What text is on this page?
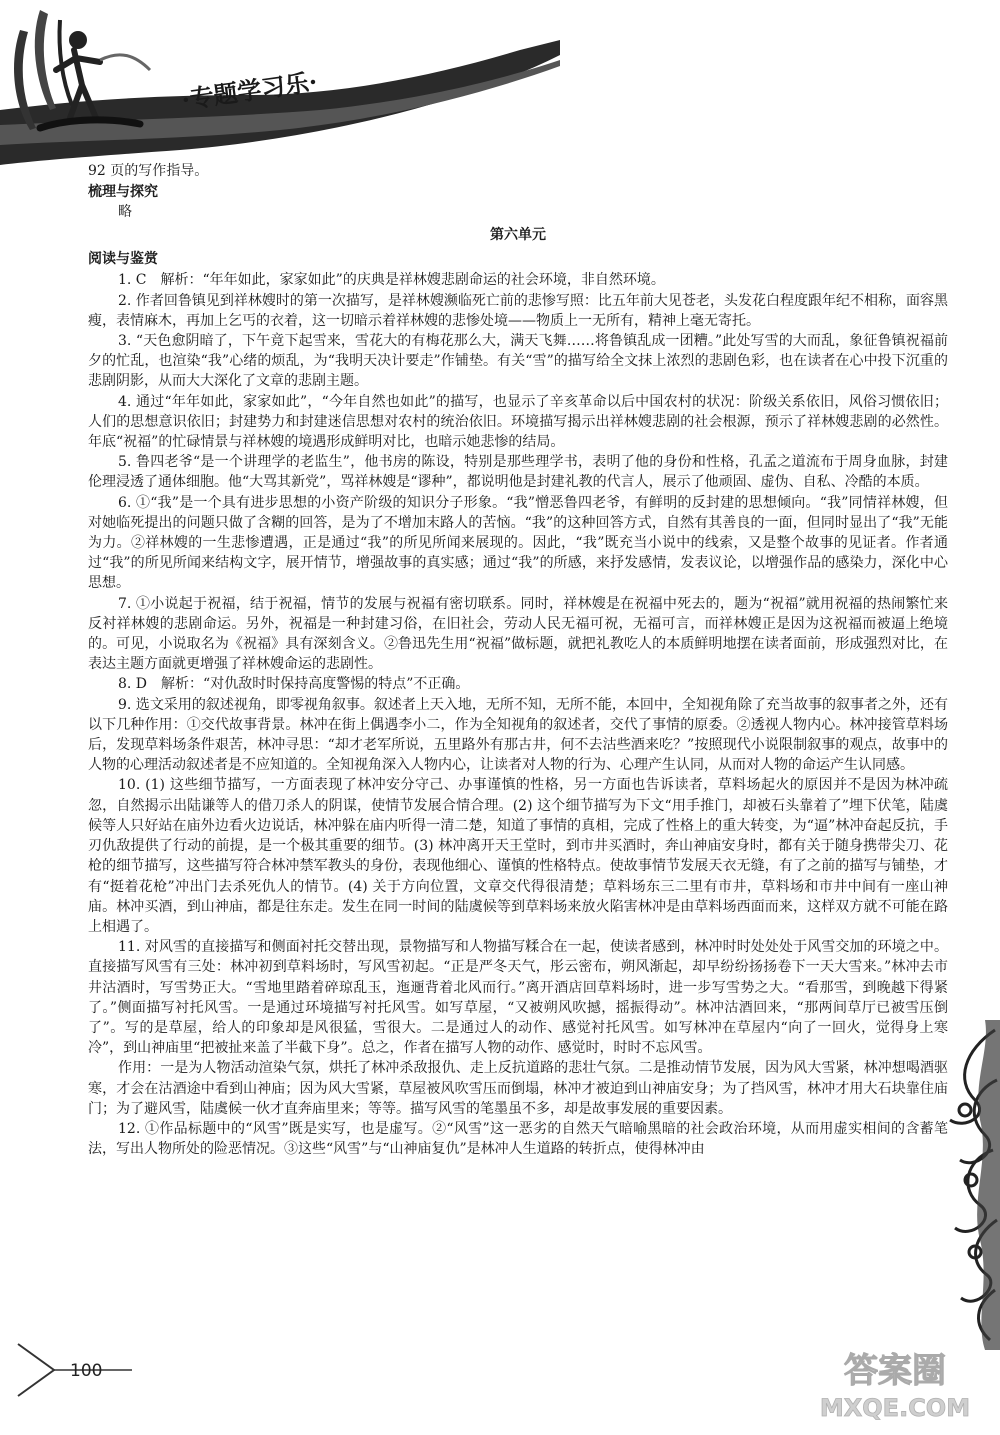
·专题学习乐·
92 页的写作指导。
梳理与探究
略
第六单元
阅读与鉴赏

1. C　解析：“年年如此，家家如此”的庆典是祥林嫂悲剧命运的社会环境，非自然环境。

2. 作者回鲁镇见到祥林嫂时的第一次描写，是祥林嫂濒临死亡前的悲惨写照：比五年前大见苍老，头发花白程度跟年纪不相称，面容黑瘦，表情麻木，再加上乞丐的衣着，这一切暗示着祥林嫂的悲惨处境——物质上一无所有，精神上毫无寄托。

3. “天色愈阴暗了，下午竟下起雪来，雪花大的有梅花那么大，满天飞舞……将鲁镇乱成一团糟。”此处写雪的大而乱，象征鲁镇祝福前夕的忙乱，也渲染“我”心绪的烦乱，为“我明天决计要走”作铺垫。有关“雪”的描写给全文抹上浓烈的悲剧色彩，也在读者在心中投下沉重的悲剧阴影，从而大大深化了文章的悲剧主题。

4. 通过“年年如此，家家如此”，“今年自然也如此”的描写，也显示了辛亥革命以后中国农村的状况：阶级关系依旧，风俗习惯依旧；人们的思想意识依旧；封建势力和封建迷信思想对农村的统治依旧。环境描写揭示出祥林嫂悲剧的社会根源，预示了祥林嫂悲剧的必然性。年底“祝福”的忙碌情景与祥林嫂的境遇形成鲜明对比，也暗示她悲惨的结局。

5. 鲁四老爷“是一个讲理学的老监生”，他书房的陈设，特别是那些理学书，表明了他的身份和性格，孔孟之道流布于周身血脉，封建伦理浸透了通体细胞。他“大骂其新党”，骂祥林嫂是“谬种”，都说明他是封建礼教的代言人，展示了他顽固、虚伪、自私、冷酷的本质。

6. ①“我”是一个具有进步思想的小资产阶级的知识分子形象。“我”憎恶鲁四老爷，有鲜明的反封建的思想倾向。“我”同情祥林嫂，但对她临死提出的问题只做了含糊的回答，是为了不增加末路人的苦恼。“我”的这种回答方式，自然有其善良的一面，但同时显出了“我”无能为力。②祥林嫂的一生悲惨遭遇，正是通过“我”的所见所闻来展现的。因此，“我”既充当小说中的线索，又是整个故事的见证者。作者通过“我”的所见所闻来结构文字，展开情节，增强故事的真实感；通过“我”的所感，来抒发感情，发表议论，以增强作品的感染力，深化中心思想。

7. ①小说起于祝福，结于祝福，情节的发展与祝福有密切联系。同时，祥林嫂是在祝福中死去的，题为“祝福”就用祝福的热闹繁忙来反衬祥林嫂的悲剧命运。另外，祝福是一种封建习俗，在旧社会，劳动人民无福可祝，无福可言，而祥林嫂正是因为这祝福而被逼上绝境的。可见，小说取名为《祝福》具有深刻含义。②鲁迅先生用“祝福”做标题，就把礼教吃人的本质鲜明地摆在读者面前，形成强烈对比，在表达主题方面就更增强了祥林嫂命运的悲剧性。

8. D　解析：“对仇敌时时保持高度警惕的特点”不正确。

9. 选文采用的叙述视角，即零视角叙事。叙述者上天入地，无所不知，无所不能，本回中，全知视角除了充当故事的叙事者之外，还有以下几种作用：①交代故事背景。林冲在街上偶遇李小二，作为全知视角的叙述者，交代了事情的原委。②透视人物内心。林冲接管草料场后，发现草料场条件艰苦，林冲寻思：“却才老军所说，五里路外有那古井，何不去沽些酒来吃？”按照现代小说限制叙事的观点，故事中的人物的心理活动叙述者是不应知道的。全知视角深入人物内心，让读者对人物的行为、心理产生认同，从而对人物的命运产生认同感。

10. (1) 这些细节描写，一方面表现了林冲安分守己、办事谨慎的性格，另一方面也告诉读者，草料场起火的原因并不是因为林冲疏忽，自然揭示出陆谦等人的借刀杀人的阴谋，使情节发展合情合理。(2) 这个细节描写为下文“用手推门，却被石头靠着了”埋下伏笔，陆虞候等人只好站在庙外边看火边说话，林冲躲在庙内听得一清二楚，知道了事情的真相，完成了性格上的重大转变，为“逼”林冲奋起反抗，手刃仇敌提供了行动的前提，是一个极其重要的细节。(3) 林冲离开天王堂时，到市井买酒时，奔山神庙安身时，都有关于随身携带尖刀、花枪的细节描写，这些描写符合林冲禁军教头的身份，表现他细心、谨慎的性格特点。使故事情节发展天衣无缝，有了之前的描写与铺垫，才有“挺着花枪”冲出门去杀死仇人的情节。(4) 关于方向位置，文章交代得很清楚；草料场东三二里有市井，草料场和市井中间有一座山神庙。林冲买酒，到山神庙，都是往东走。发生在同一时间的陆虞候等到草料场来放火陷害林冲是由草料场西面而来，这样双方就不可能在路上相遇了。

11. 对风雪的直接描写和侧面衬托交替出现，景物描写和人物描写糅合在一起，使读者感到，林冲时时处处处于风雪交加的环境之中。直接描写风雪有三处：林冲初到草料场时，写风雪初起。“正是严冬天气，彤云密布，朔风渐起，却早纷纷扬扬卷下一天大雪来。”林冲去市井沽酒时，写雪势正大。“雪地里踏着碎琼乱玉，迤逦背着北风而行。”离开酒店回草料场时，进一步写雪势之大。“看那雪，到晚越下得紧了。”侧面描写衬托风雪。一是通过环境描写衬托风雪。如写草屋，“又被朔风吹撼，摇振得动”。林冲沽酒回来，“那两间草厅已被雪压倒了”。写的是草屋，给人的印象却是风很猛，雪很大。二是通过人的动作、感觉衬托风雪。如写林冲在草屋内“向了一回火，觉得身上寒冷”，到山神庙里“把被扯来盖了半截下身”。总之，作者在描写人物的动作、感觉时，时时不忘风雪。

作用：一是为人物活动渲染气氛，烘托了林冲杀敌报仇、走上反抗道路的悲壮气氛。二是推动情节发展，因为风大雪紧，林冲想喝酒驱寒，才会在沽酒途中看到山神庙；因为风大雪紧，草屋被风吹雪压而倒塌，林冲才被迫到山神庙安身；为了挡风雪，林冲才用大石块靠住庙门；为了避风雪，陆虞候一伙才直奔庙里来；等等。描写风雪的笔墨虽不多，却是故事发展的重要因素。

12. ①作品标题中的“风雪”既是实写，也是虚写。②“风雪”这一恶劣的自然天气暗喻黑暗的社会政治环境，从而用虚实相间的含蓄笔法，写出人物所处的险恶情况。③这些“风雪”与“山神庙复仇”是林冲人生道路的转折点，使得林冲由

100	答案圈
MXQE.COM
